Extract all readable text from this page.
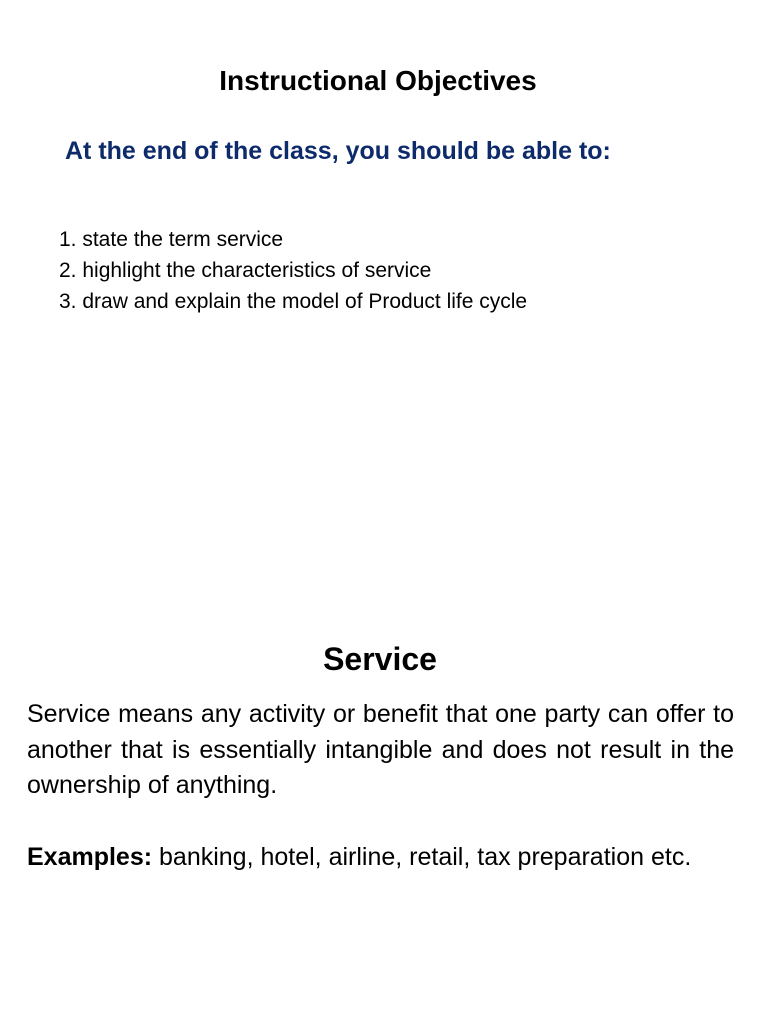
Instructional Objectives
At the end of the class, you should be able to:
1. state the term service
2. highlight the characteristics of service
3. draw and explain the model of Product life cycle
Service

Service means any activity or benefit that one party can offer to another that is essentially intangible and does not result in the ownership of anything.

Examples: banking, hotel, airline, retail, tax preparation etc.
